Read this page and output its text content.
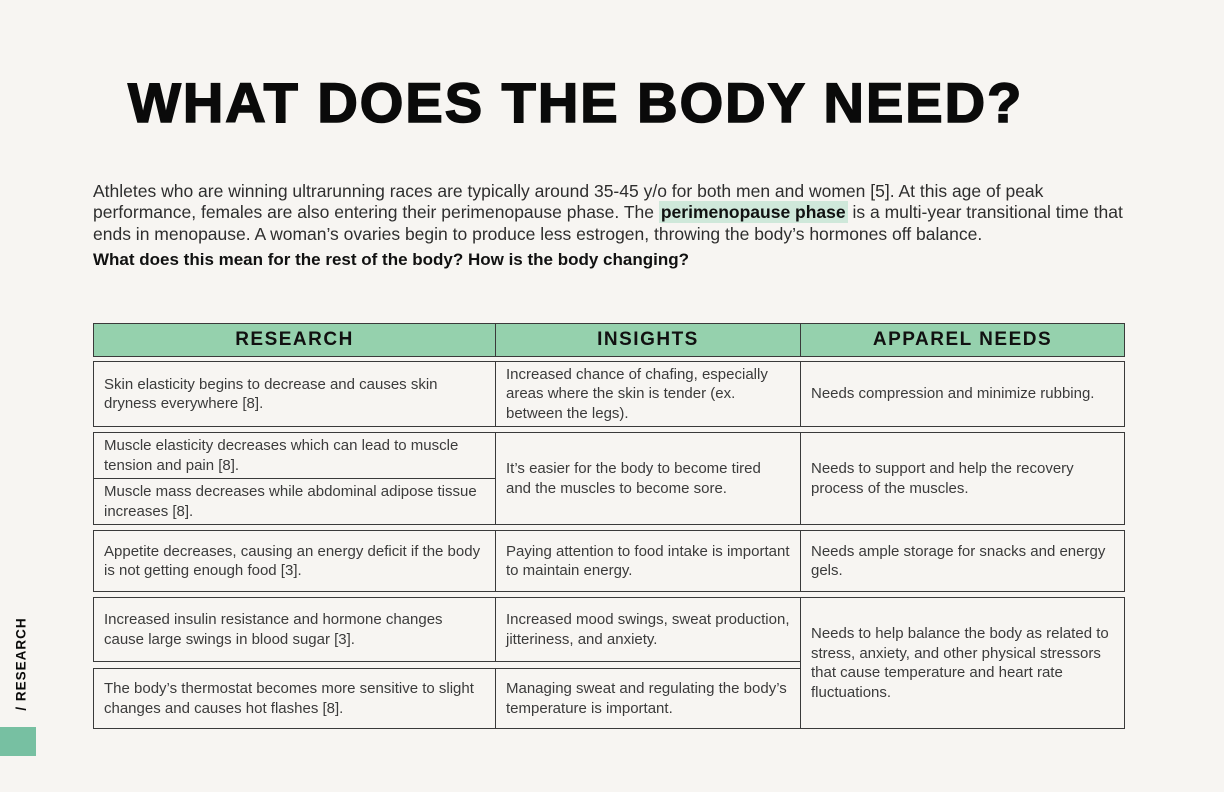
WHAT DOES THE BODY NEED?

Athletes who are winning ultrarunning races are typically around 35-45 y/o for both men and women [5]. At this age of peak performance, females are also entering their perimenopause phase. The perimenopause phase is a multi-year transitional time that ends in menopause. A woman’s ovaries begin to produce less estrogen, throwing the body’s hormones off balance.

What does this mean for the rest of the body? How is the body changing?
RESEARCH	INSIGHTS	APPAREL NEEDS
Skin elasticity begins to decrease and causes skin dryness everywhere [8].
Increased chance of chafing, especially areas where the skin is tender (ex. between the legs).
Needs compression and minimize rubbing.
Muscle elasticity decreases which can lead to muscle tension and pain [8].
Muscle mass decreases while abdominal adipose tissue increases [8].
It’s easier for the body to become tired and the muscles to become sore.
Needs to support and help the recovery process of the muscles.
Appetite decreases, causing an energy deficit if the body is not getting enough food [3].
Paying attention to food intake is important to maintain energy.
Needs ample storage for snacks and energy gels.
Increased insulin resistance and hormone changes cause large swings in blood sugar [3].
Increased mood swings, sweat production, jitteriness, and anxiety.
The body’s thermostat becomes more sensitive to slight changes and causes hot flashes [8].
Managing sweat and regulating the body’s temperature is important.
Needs to help balance the body as related to stress, anxiety, and other physical stressors that cause temperature and heart rate fluctuations.
/ RESEARCH
